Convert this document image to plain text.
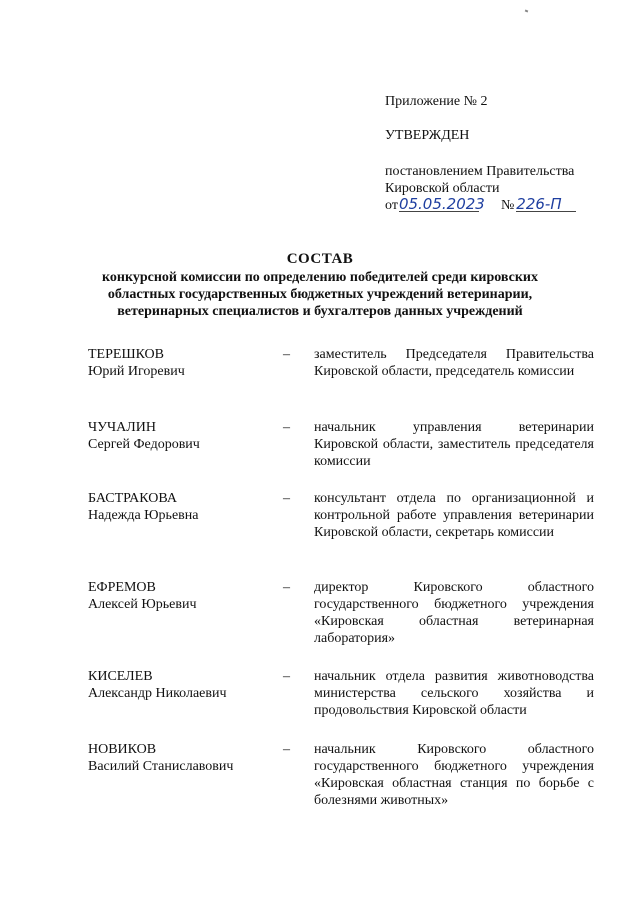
Приложение № 2
УТВЕРЖДЕН
постановлением Правительства Кировской области
от05.05.2023 № 226-П
СОСТАВ
конкурсной комиссии по определению победителей среди кировских областных государственных бюджетных учреждений ветеринарии, ветеринарных специалистов и бухгалтеров данных учреждений
ТЕРЕШКОВ
Юрий Игоревич
–	заместитель Председателя Правительства Кировской области, председатель комиссии
ЧУЧАЛИН
Сергей Федорович
–	начальник управления ветеринарии Кировской области, заместитель председателя комиссии
БАСТРАКОВА
Надежда Юрьевна
–	консультант отдела по организационной и контрольной работе управления ветеринарии Кировской области, секретарь комиссии
ЕФРЕМОВ
Алексей Юрьевич
–	директор Кировского областного государственного бюджетного учреждения «Кировская областная ветеринарная лаборатория»
КИСЕЛЕВ
Александр Николаевич
–	начальник отдела развития животноводства министерства сельского хозяйства и продовольствия Кировской области
НОВИКОВ
Василий Станиславович
–	начальник Кировского областного государственного бюджетного учреждения «Кировская областная станция по борьбе с болезнями животных»
